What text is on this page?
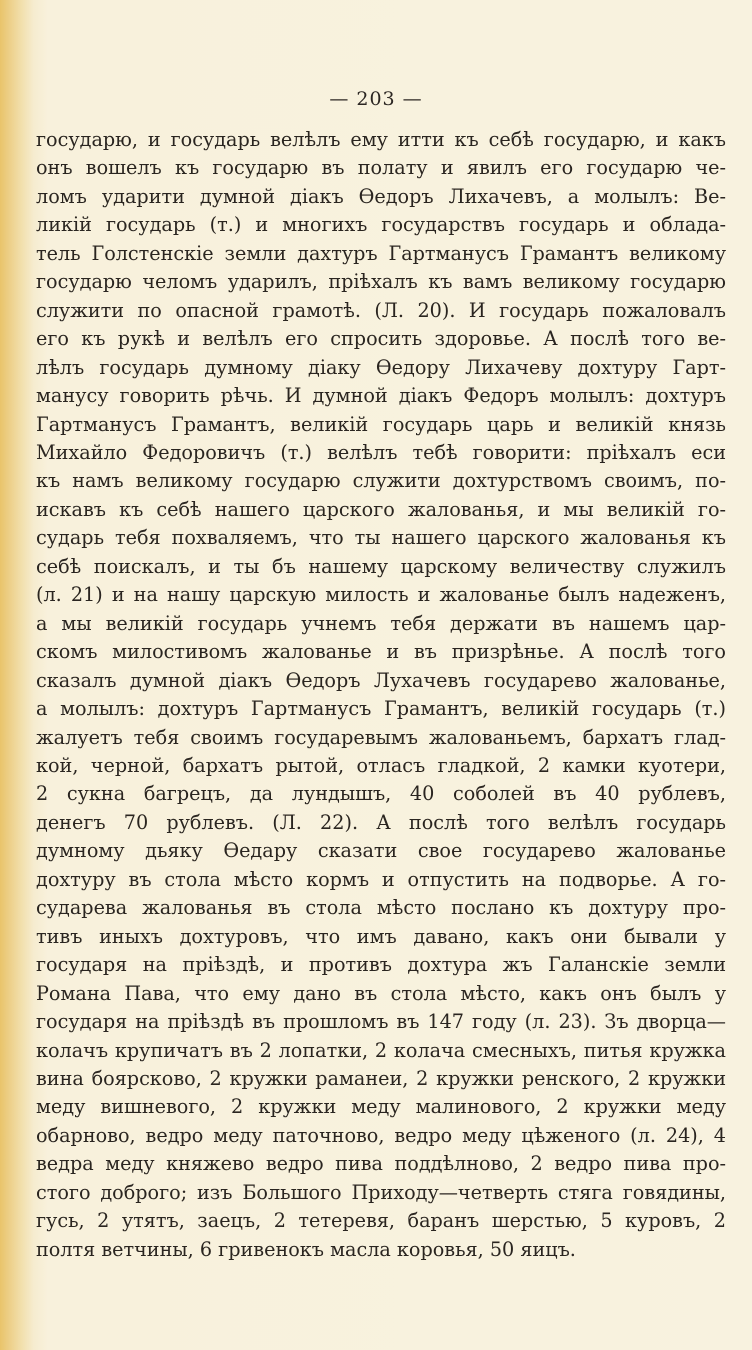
— 203 —
государю, и государь велѣлъ ему итти къ себѣ государю, и какъ
онъ вошелъ къ государю въ полату и явилъ его государю че-
ломъ ударити думной діакъ Ѳедоръ Лихачевъ, а молылъ: Ве-
ликій государь (т.) и многихъ государствъ государь и облада-
тель Голстенскіе земли дахтуръ Гартманусъ Грамантъ великому
государю челомъ ударилъ, пріѣхалъ къ вамъ великому государю
служити по опасной грамотѣ. (Л. 20). И государь пожаловалъ
его къ рукѣ и велѣлъ его спросить здоровье. А послѣ того ве-
лѣлъ государь думному діаку Ѳедору Лихачеву дохтуру Гарт-
манусу говорить рѣчь. И думной діакъ Федоръ молылъ: дохтуръ
Гартманусъ Грамантъ, великій государь царь и великій князь
Михайло Федоровичъ (т.) велѣлъ тебѣ говорити: пріѣхалъ еси
къ намъ великому государю служити дохтурствомъ своимъ, по-
искавъ къ себѣ нашего царского жалованья, и мы великій го-
сударь тебя похваляемъ, что ты нашего царского жалованья къ
себѣ поискалъ, и ты бъ нашему царскому величеству служилъ
(л. 21) и на нашу царскую милость и жалованье былъ надеженъ,
а мы великій государь учнемъ тебя держати въ нашемъ цар-
скомъ милостивомъ жалованье и въ призрѣнье. А послѣ того
сказалъ думной діакъ Ѳедоръ Лухачевъ государево жалованье,
а молылъ: дохтуръ Гартманусъ Грамантъ, великій государь (т.)
жалуетъ тебя своимъ государевымъ жалованьемъ, бархатъ глад-
кой, черной, бархатъ рытой, отласъ гладкой, 2 камки куотери,
2 сукна багрецъ, да лундышъ, 40 соболей въ 40 рублевъ,
денегъ 70 рублевъ. (Л. 22). А послѣ того велѣлъ государь
думному дьяку Ѳедару сказати свое государево жалованье
дохтуру въ стола мѣсто кормъ и отпустить на подворье. А го-
сударева жалованья въ стола мѣсто послано къ дохтуру про-
тивъ иныхъ дохтуровъ, что имъ давано, какъ они бывали у
государя на пріѣздѣ, и противъ дохтура жъ Галанскіе земли
Романа Пава, что ему дано въ стола мѣсто, какъ онъ былъ у
государя на пріѣздѣ въ прошломъ въ 147 году (л. 23). Зъ дворца—
колачъ крупичатъ въ 2 лопатки, 2 колача смесныхъ, питья кружка
вина боярсково, 2 кружки раманеи, 2 кружки ренского, 2 кружки
меду вишневого, 2 кружки меду малинового, 2 кружки меду
обарново, ведро меду паточново, ведро меду цѣженого (л. 24), 4
ведра меду княжево ведро пива поддѣлново, 2 ведро пива про-
стого доброго; изъ Большого Приходу—четверть стяга говядины,
гусь, 2 утятъ, заецъ, 2 тетеревя, баранъ шерстью, 5 куровъ, 2
полтя ветчины, 6 гривенокъ масла коровья, 50 яицъ.
